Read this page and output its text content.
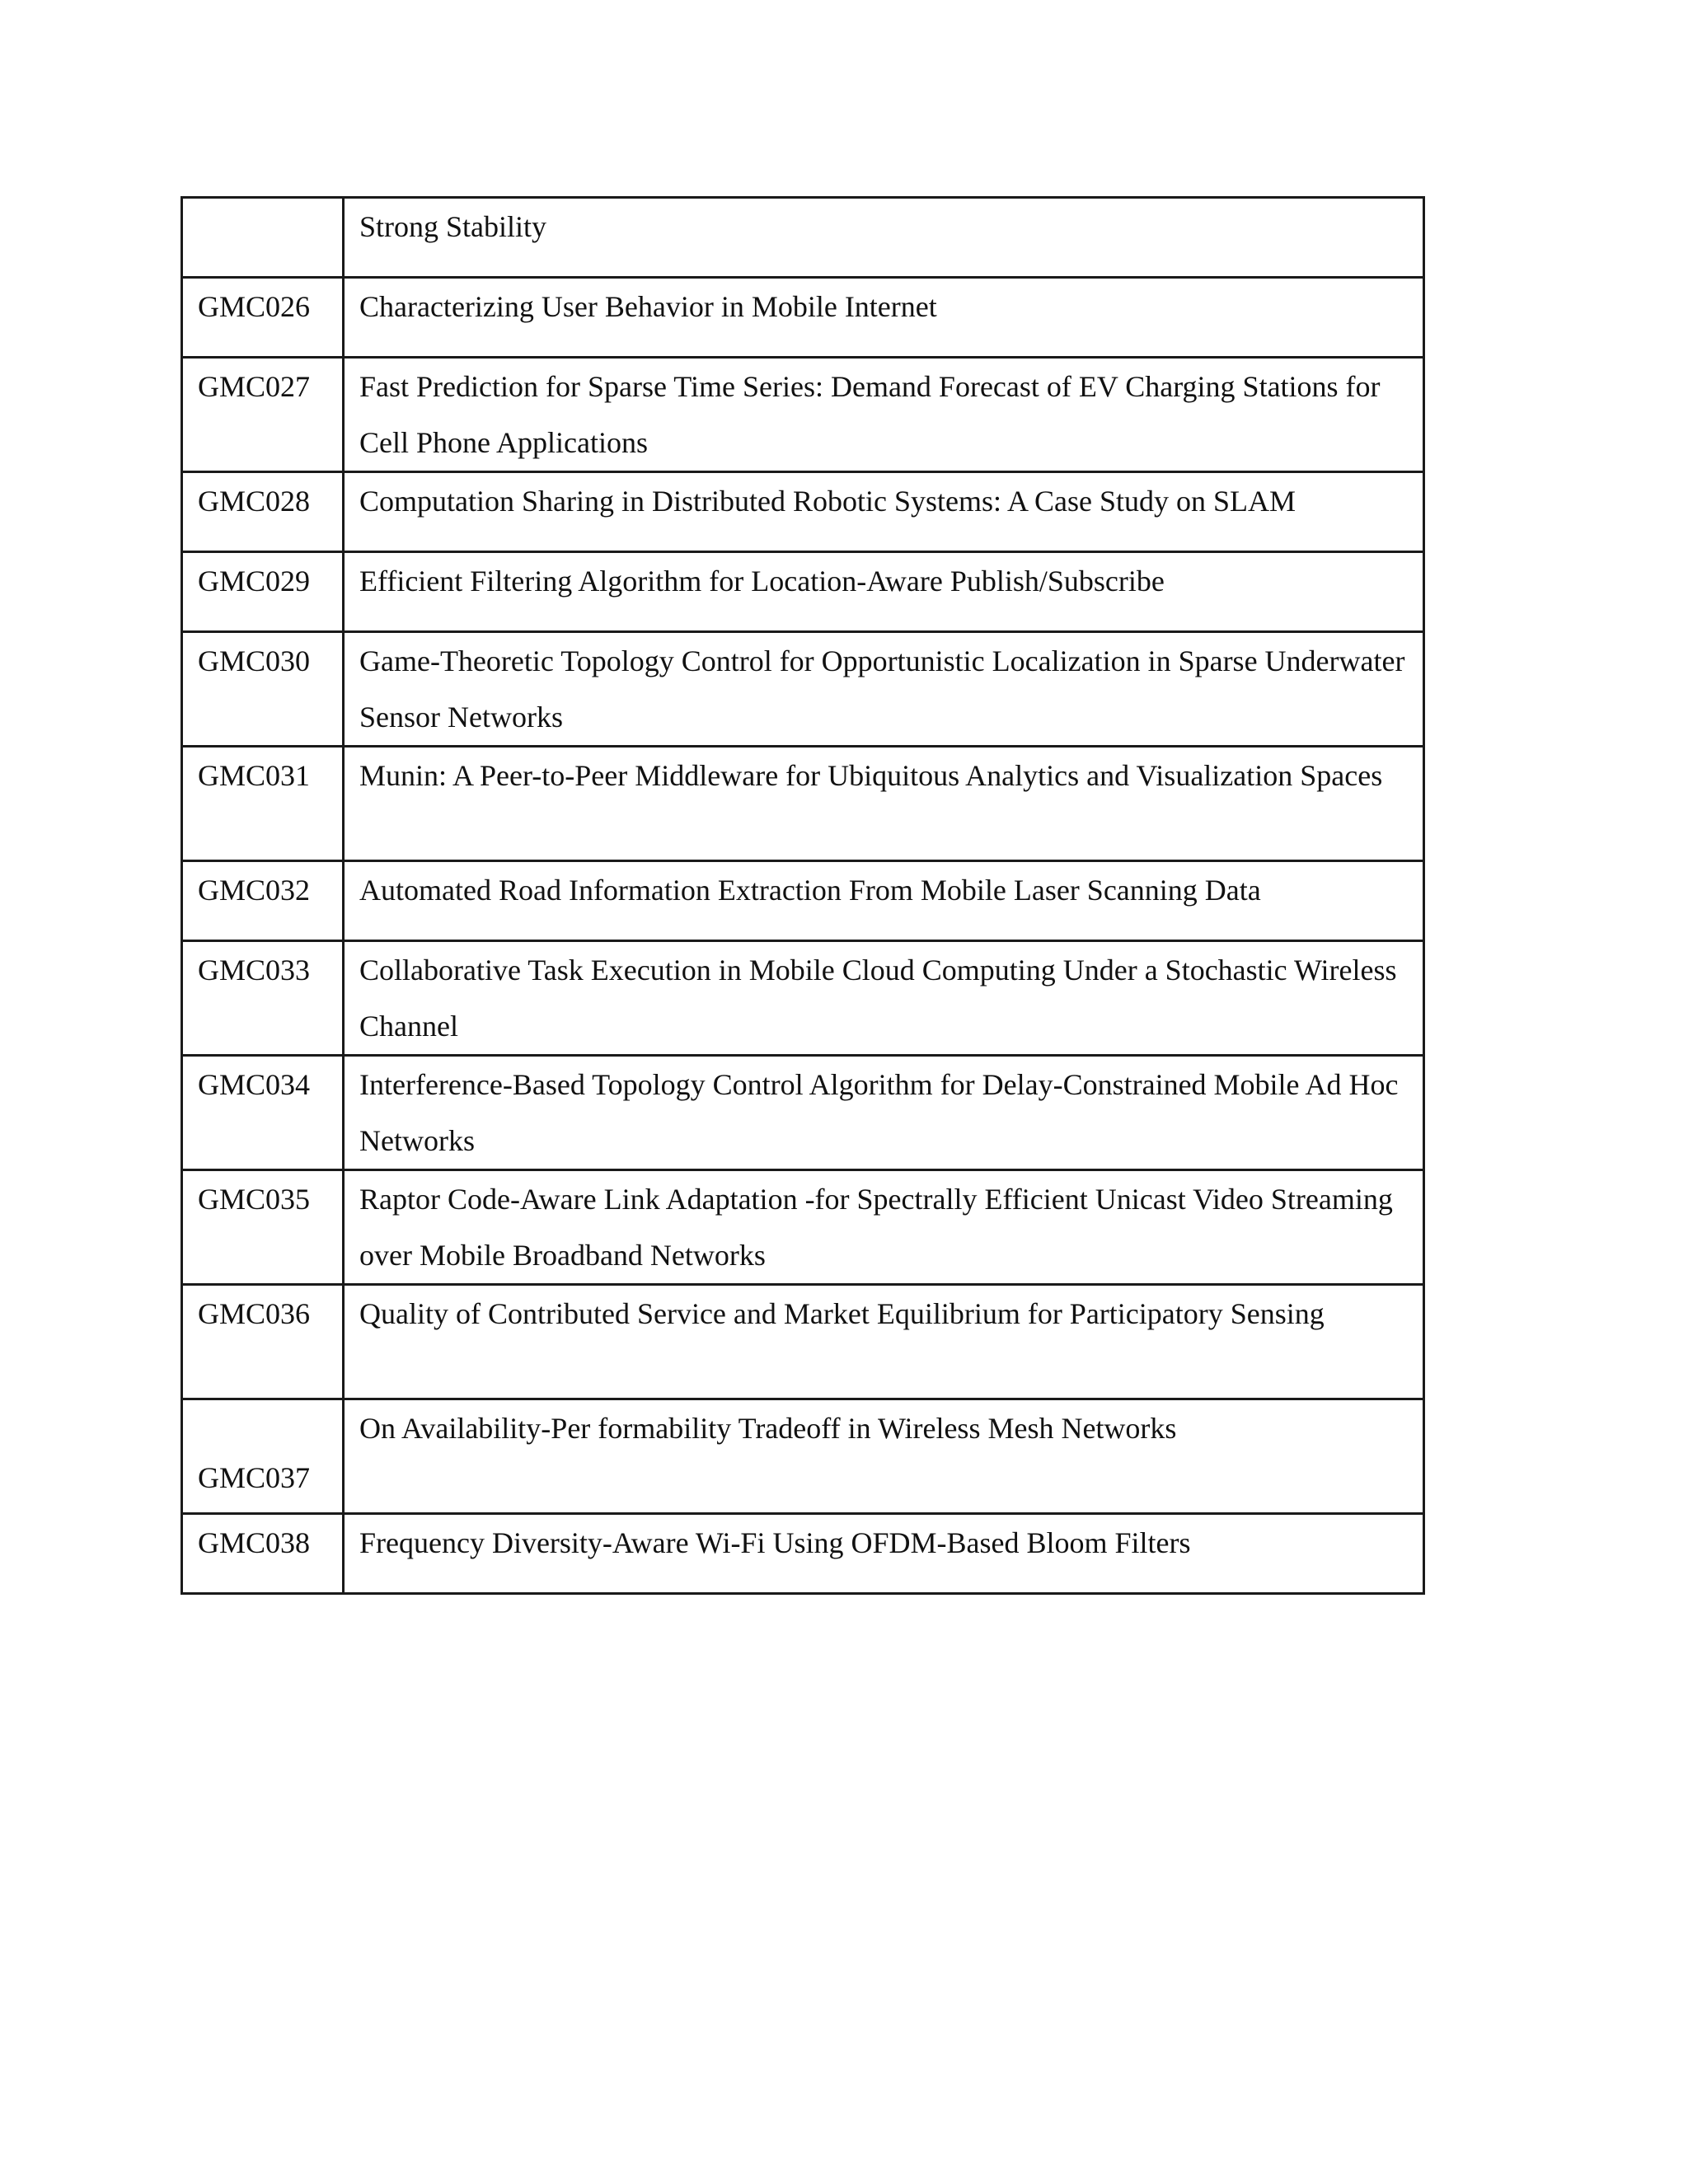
	Strong Stability
GMC026	Characterizing User Behavior in Mobile Internet
GMC027	Fast Prediction for Sparse Time Series: Demand Forecast of EV Charging Stations for Cell Phone Applications
GMC028	Computation Sharing in Distributed Robotic Systems: A Case Study on SLAM
GMC029	Efficient Filtering Algorithm for Location-Aware Publish/Subscribe
GMC030	Game-Theoretic Topology Control for Opportunistic Localization in Sparse Underwater Sensor Networks
GMC031	Munin: A Peer-to-Peer Middleware for Ubiquitous Analytics and Visualization Spaces
GMC032	Automated Road Information Extraction From Mobile Laser Scanning Data
GMC033	Collaborative Task Execution in Mobile Cloud Computing Under a Stochastic Wireless Channel
GMC034	Interference-Based Topology Control Algorithm for Delay-Constrained Mobile Ad Hoc Networks
GMC035	Raptor Code-Aware Link Adaptation -for Spectrally Efficient Unicast Video Streaming over Mobile Broadband Networks
GMC036	Quality of Contributed Service and Market Equilibrium for Participatory Sensing
GMC037	On Availability-Per formability Tradeoff in Wireless Mesh Networks
GMC038	Frequency Diversity-Aware Wi-Fi Using OFDM-Based Bloom Filters
